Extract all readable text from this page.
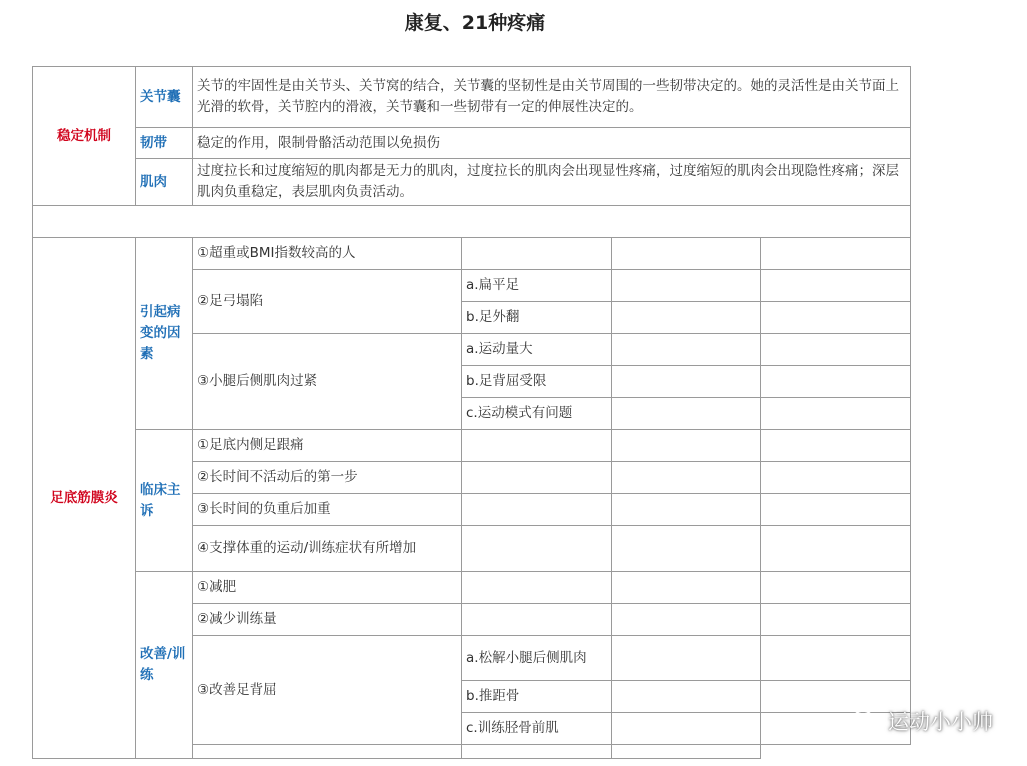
康复、21种疼痛
稳定机制	关节囊	关节的牢固性是由关节头、关节窝的结合，关节囊的坚韧性是由关节周围的一些韧带决定的。她的灵活性是由关节面上光滑的软骨，关节腔内的滑液，关节囊和一些韧带有一定的伸展性决定的。			
	韧带	稳定的作用，限制骨骼活动范围以免损伤			
	肌肉	过度拉长和过度缩短的肌肉都是无力的肌肉，过度拉长的肌肉会出现显性疼痛，过度缩短的肌肉会出现隐性疼痛；深层肌肉负重稳定，表层肌肉负责活动。			

足底筋膜炎	引起病变的因素	①超重或BMI指数较高的人			
		②足弓塌陷	a.扁平足		
			b.足外翻		
		③小腿后侧肌肉过紧	a.运动量大		
			b.足背屈受限		
			c.运动模式有问题		
	临床主诉	①足底内侧足跟痛			
		②长时间不活动后的第一步			
		③长时间的负重后加重			
		④支撑体重的运动/训练症状有所增加			
	改善/训练	①减肥			
		②减少训练量			
		③改善足背屈	a.松解小腿后侧肌肉		
			b.推距骨		
			c.训练胫骨前肌		
			运动小小帅
